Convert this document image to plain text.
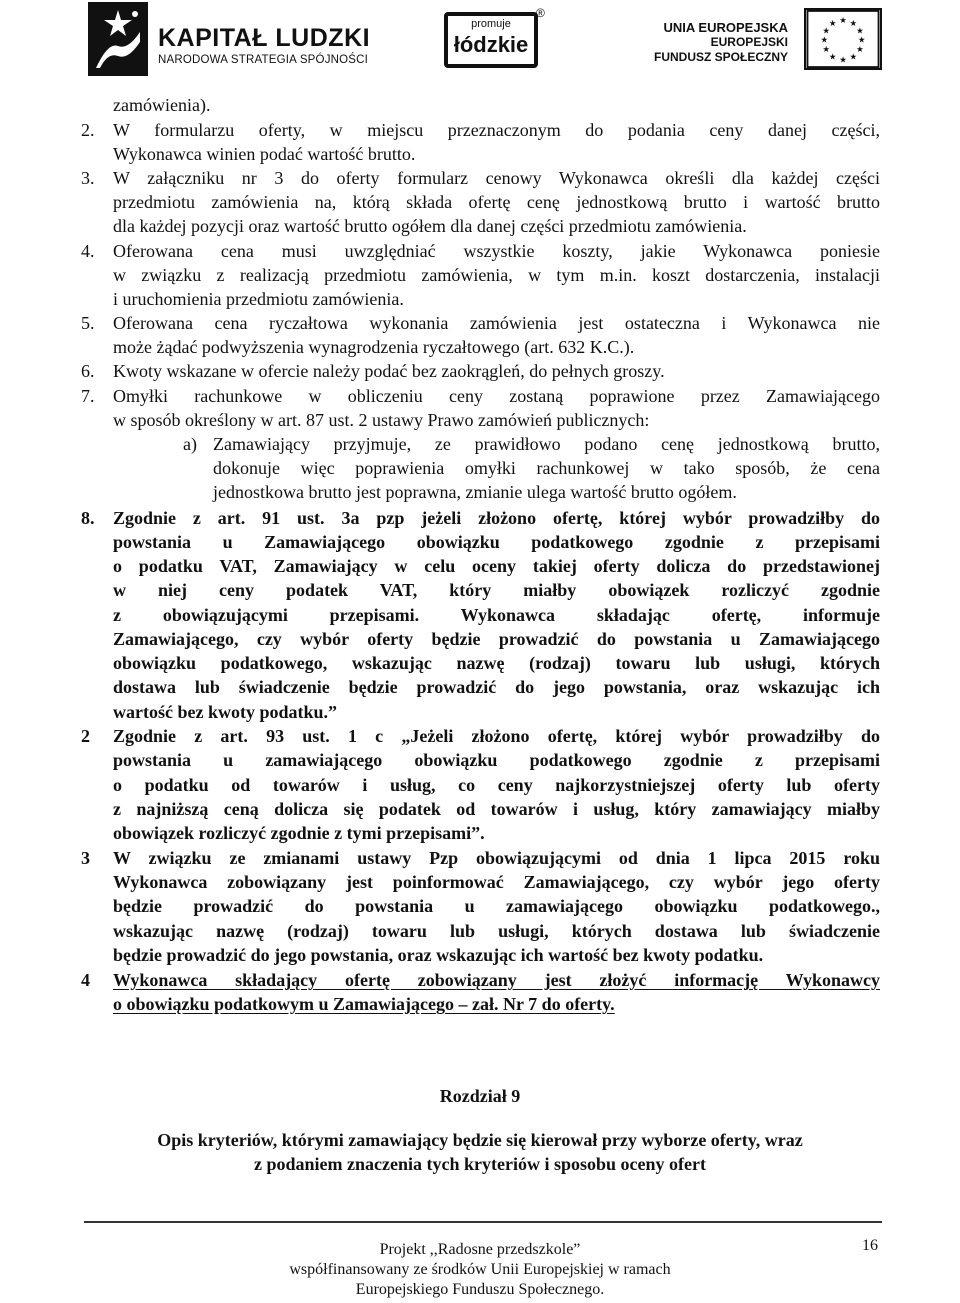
KAPITAŁ LUDZKI
NARODOWA STRATEGIA SPÓJNOŚCI
promuje
łódzkie
®
UNIA EUROPEJSKA
EUROPEJSKI
FUNDUSZ SPOŁECZNY
★ ★
★
★
★
★
★
★
★
★
★
★
zamówienia).
2. W formularzu oferty, w miejscu przeznaczonym do podania ceny danej części,
Wykonawca winien podać wartość brutto.
3. W załączniku nr 3 do oferty formularz cenowy Wykonawca określi dla każdej części
przedmiotu zamówienia na, którą składa ofertę cenę jednostkową brutto i wartość brutto
dla każdej pozycji oraz wartość brutto ogółem dla danej części przedmiotu zamówienia.
4. Oferowana cena musi uwzględniać wszystkie koszty, jakie Wykonawca poniesie
w związku z realizacją przedmiotu zamówienia, w tym m.in. koszt dostarczenia, instalacji
i uruchomienia przedmiotu zamówienia.
5. Oferowana cena ryczałtowa wykonania zamówienia jest ostateczna i Wykonawca nie
może żądać podwyższenia wynagrodzenia ryczałtowego (art. 632 K.C.).
6. Kwoty wskazane w ofercie należy podać bez zaokrągleń, do pełnych groszy.
7. Omyłki rachunkowe w obliczeniu ceny zostaną poprawione przez Zamawiającego
w sposób określony w art. 87 ust. 2 ustawy Prawo zamówień publicznych:
a) Zamawiający przyjmuje, ze prawidłowo podano cenę jednostkową brutto,
dokonuje więc poprawienia omyłki rachunkowej w tako sposób, że cena
jednostkowa brutto jest poprawna, zmianie ulega wartość brutto ogółem.
8. Zgodnie z art. 91 ust. 3a pzp jeżeli złożono ofertę, której wybór prowadziłby do
powstania u Zamawiającego obowiązku podatkowego zgodnie z przepisami
o podatku VAT, Zamawiający w celu oceny takiej oferty dolicza do przedstawionej
w niej ceny podatek VAT, który miałby obowiązek rozliczyć zgodnie
z obowiązującymi przepisami. Wykonawca składając ofertę, informuje
Zamawiającego, czy wybór oferty będzie prowadzić do powstania u Zamawiającego
obowiązku podatkowego, wskazując nazwę (rodzaj) towaru lub usługi, których
dostawa lub świadczenie będzie prowadzić do jego powstania, oraz wskazując ich
wartość bez kwoty podatku.”
2 Zgodnie z art. 93 ust. 1 c „Jeżeli złożono ofertę, której wybór prowadziłby do
powstania u zamawiającego obowiązku podatkowego zgodnie z przepisami
o podatku od towarów i usług, co ceny najkorzystniejszej oferty lub oferty
z najniższą ceną dolicza się podatek od towarów i usług, który zamawiający miałby
obowiązek rozliczyć zgodnie z tymi przepisami”.
3 W związku ze zmianami ustawy Pzp obowiązującymi od dnia 1 lipca 2015 roku
Wykonawca zobowiązany jest poinformować Zamawiającego, czy wybór jego oferty
będzie prowadzić do powstania u zamawiającego obowiązku podatkowego.,
wskazując nazwę (rodzaj) towaru lub usługi, których dostawa lub świadczenie
będzie prowadzić do jego powstania, oraz wskazując ich wartość bez kwoty podatku.
4 Wykonawca składający ofertę zobowiązany jest złożyć informację Wykonawcy
o obowiązku podatkowym u Zamawiającego – zał. Nr 7 do oferty.
Rozdział 9
Opis kryteriów, którymi zamawiający będzie się kierował przy wyborze oferty, wraz
z podaniem znaczenia tych kryteriów i sposobu oceny ofert
Projekt ,,Radosne przedszkole”
współfinansowany ze środków Unii Europejskiej w ramach
Europejskiego Funduszu Społecznego.
16
